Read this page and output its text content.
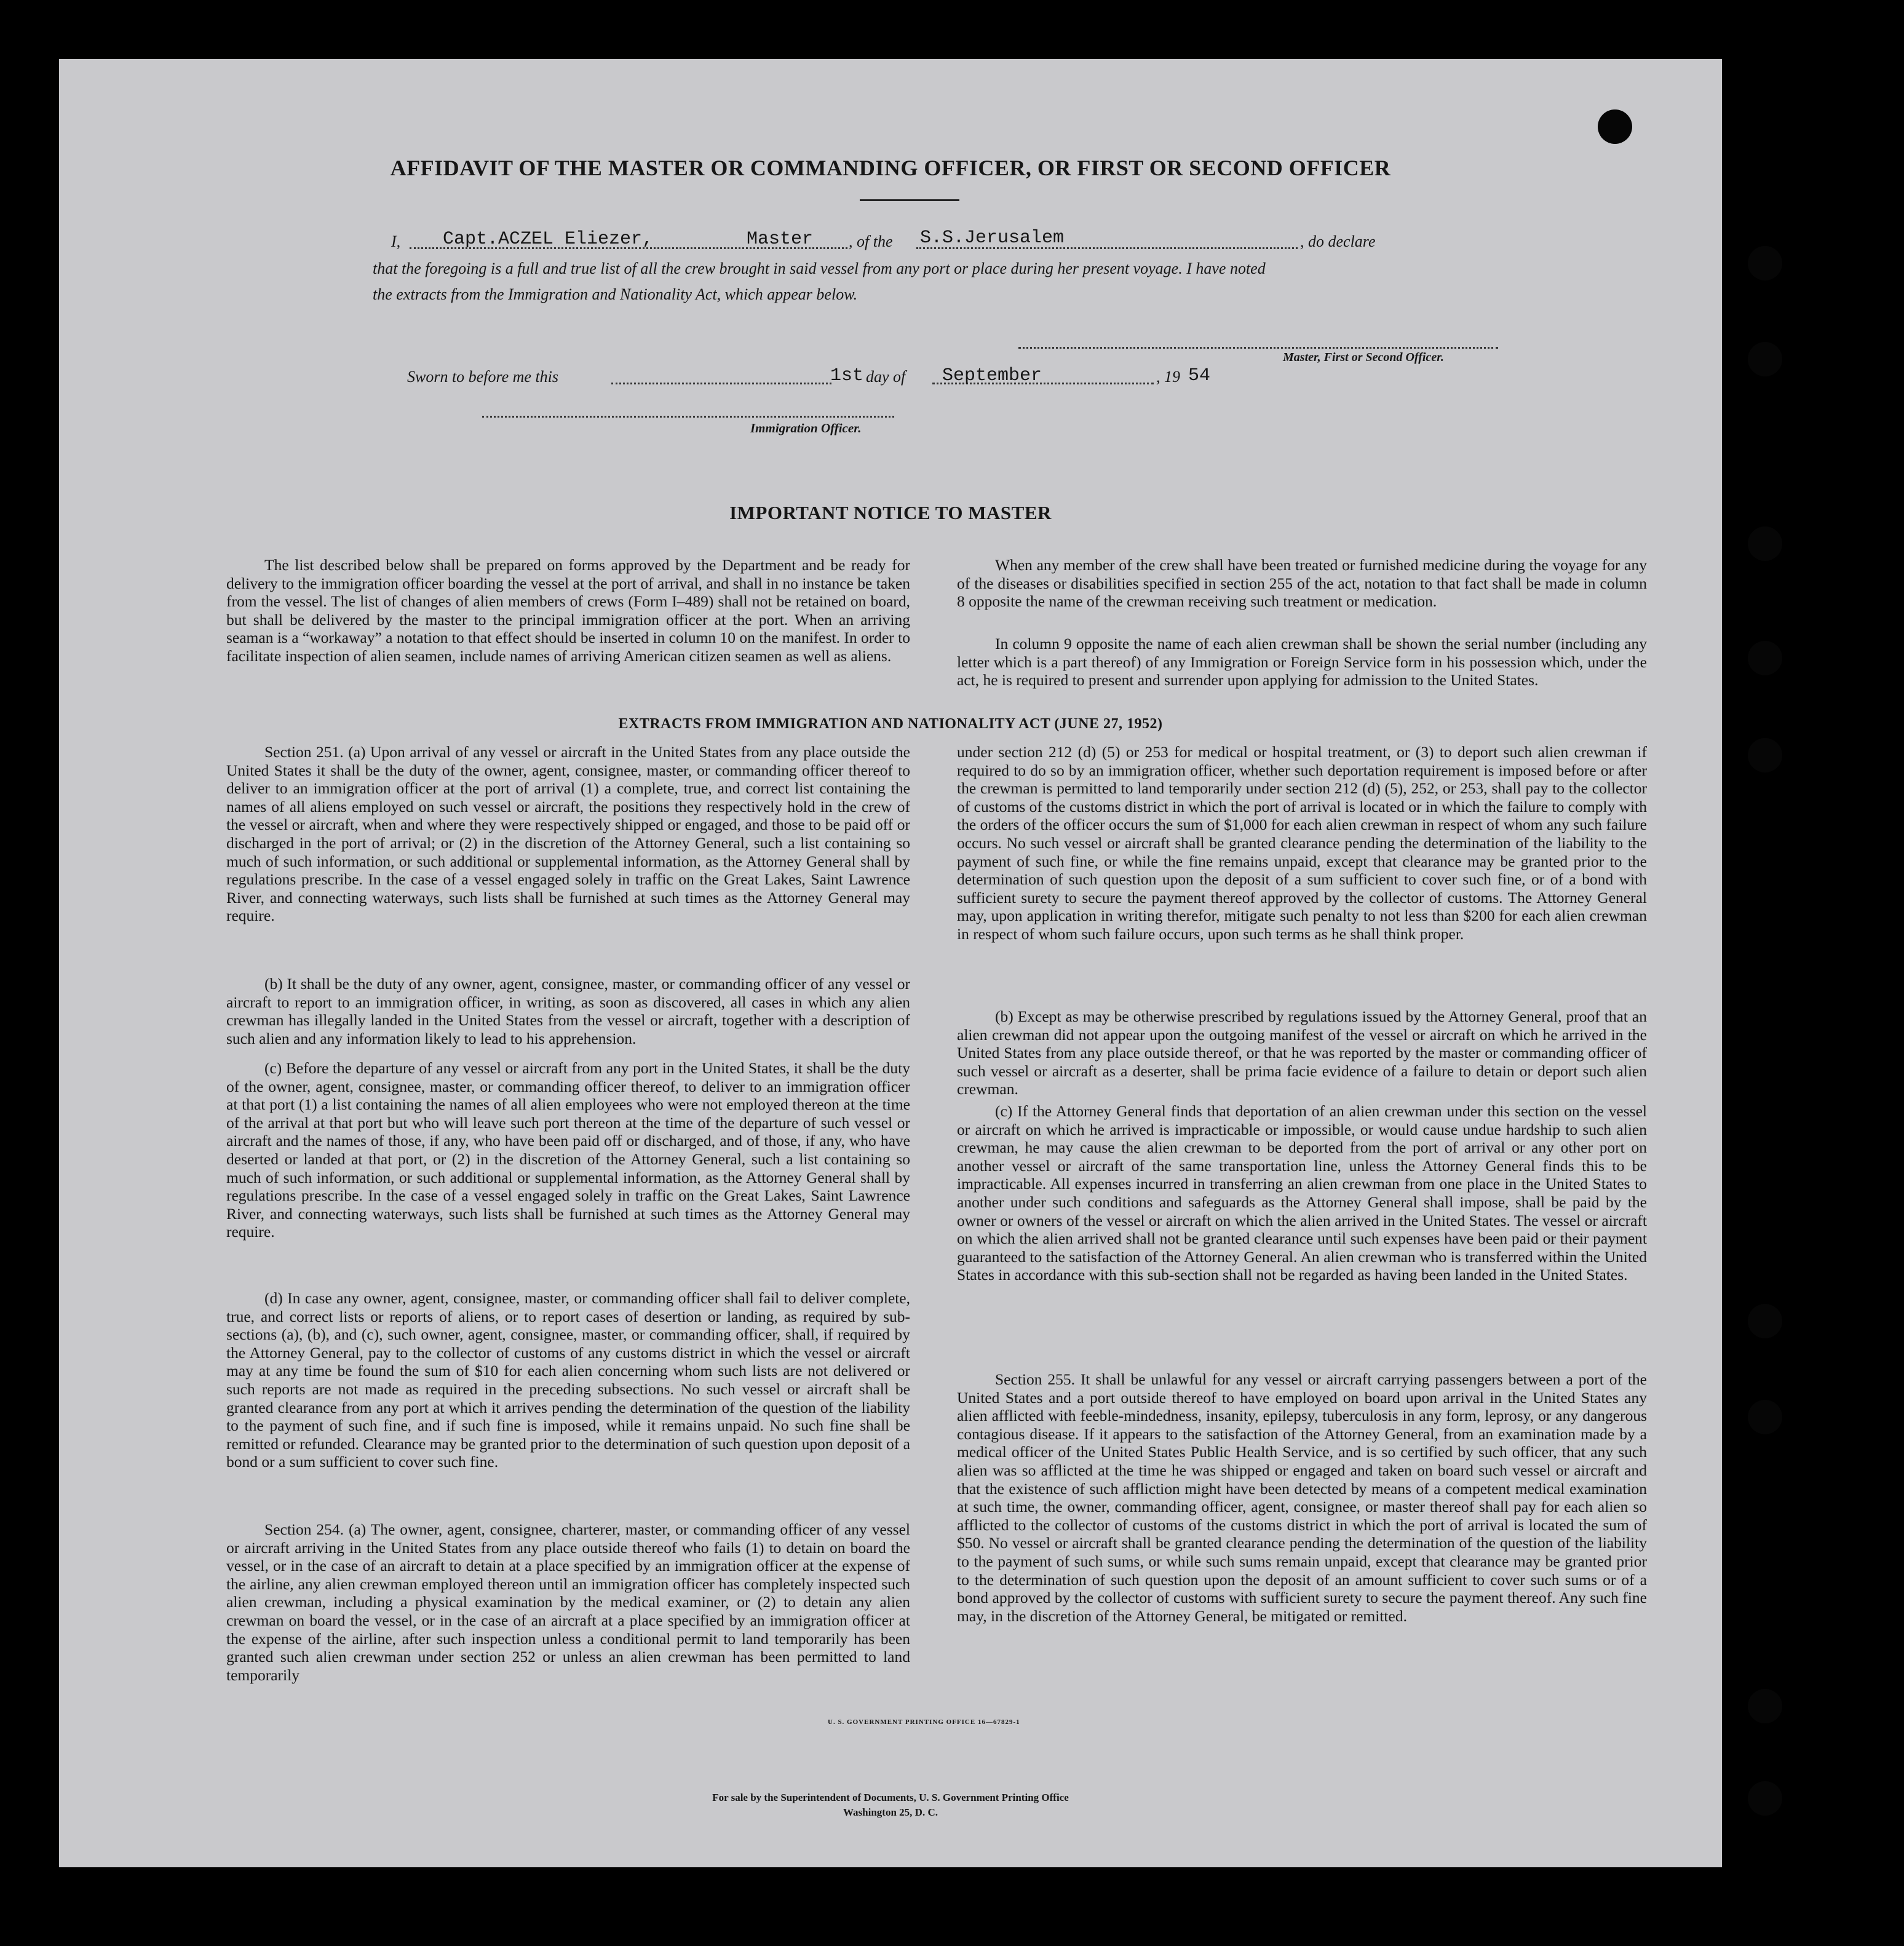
AFFIDAVIT OF THE MASTER OR COMMANDING OFFICER, OR FIRST OR SECOND OFFICER
I, Capt.ACZEL Eliezer,	Master , of the S.S.Jerusalem	, do declare
that the foregoing is a full and true list of all the crew brought in said vessel from any port or place during her present voyage. I have noted
the extracts from the Immigration and Nationality Act, which appear below.
Master, First or Second Officer.
Sworn to before me this	1st day of September	, 19 54
Immigration Officer.
IMPORTANT NOTICE TO MASTER

The list described below shall be prepared on forms approved by the Department and be ready for delivery to the immigration officer boarding the vessel at the port of arrival, and shall in no instance be taken from the vessel. The list of changes of alien members of crews (Form I–489) shall not be retained on board, but shall be delivered by the master to the principal immigration officer at the port. When an arriving seaman is a “workaway” a notation to that effect should be inserted in column 10 on the manifest. In order to facilitate inspection of alien seamen, include names of arriving American citizen seamen as well as aliens.

When any member of the crew shall have been treated or furnished medicine during the voyage for any of the diseases or disabilities specified in section 255 of the act, notation to that fact shall be made in column 8 opposite the name of the crewman receiving such treatment or medication.

In column 9 opposite the name of each alien crewman shall be shown the serial number (including any letter which is a part thereof) of any Immigration or Foreign Service form in his possession which, under the act, he is required to present and surrender upon applying for admission to the United States.

EXTRACTS FROM IMMIGRATION AND NATIONALITY ACT (JUNE 27, 1952)

Section 251. (a) Upon arrival of any vessel or aircraft in the United States from any place outside the United States it shall be the duty of the owner, agent, consignee, master, or commanding officer thereof to deliver to an immigration officer at the port of arrival (1) a complete, true, and correct list containing the names of all aliens employed on such vessel or aircraft, the positions they respectively hold in the crew of the vessel or aircraft, when and where they were respectively shipped or engaged, and those to be paid off or discharged in the port of arrival; or (2) in the discretion of the Attorney General, such a list containing so much of such information, or such additional or supplemental information, as the Attorney General shall by regulations prescribe. In the case of a vessel engaged solely in traffic on the Great Lakes, Saint Lawrence River, and connecting waterways, such lists shall be furnished at such times as the Attorney General may require.

(b) It shall be the duty of any owner, agent, consignee, master, or commanding officer of any vessel or aircraft to report to an immigration officer, in writing, as soon as discovered, all cases in which any alien crewman has illegally landed in the United States from the vessel or aircraft, together with a description of such alien and any information likely to lead to his apprehension.

(c) Before the departure of any vessel or aircraft from any port in the United States, it shall be the duty of the owner, agent, consignee, master, or commanding officer thereof, to deliver to an immigration officer at that port (1) a list containing the names of all alien employees who were not employed thereon at the time of the arrival at that port but who will leave such port thereon at the time of the departure of such vessel or aircraft and the names of those, if any, who have been paid off or discharged, and of those, if any, who have deserted or landed at that port, or (2) in the discretion of the Attorney General, such a list containing so much of such information, or such additional or supplemental information, as the Attorney General shall by regulations prescribe. In the case of a vessel engaged solely in traffic on the Great Lakes, Saint Lawrence River, and connecting waterways, such lists shall be furnished at such times as the Attorney General may require.

(d) In case any owner, agent, consignee, master, or commanding officer shall fail to deliver complete, true, and correct lists or reports of aliens, or to report cases of desertion or landing, as required by sub-sections (a), (b), and (c), such owner, agent, consignee, master, or commanding officer, shall, if required by the Attorney General, pay to the collector of customs of any customs district in which the vessel or aircraft may at any time be found the sum of $10 for each alien concerning whom such lists are not delivered or such reports are not made as required in the preceding subsections. No such vessel or aircraft shall be granted clearance from any port at which it arrives pending the determination of the question of the liability to the payment of such fine, and if such fine is imposed, while it remains unpaid. No such fine shall be remitted or refunded. Clearance may be granted prior to the determination of such question upon deposit of a bond or a sum sufficient to cover such fine.

Section 254. (a) The owner, agent, consignee, charterer, master, or commanding officer of any vessel or aircraft arriving in the United States from any place outside thereof who fails (1) to detain on board the vessel, or in the case of an aircraft to detain at a place specified by an immigration officer at the expense of the airline, any alien crewman employed thereon until an immigration officer has completely inspected such alien crewman, including a physical examination by the medical examiner, or (2) to detain any alien crewman on board the vessel, or in the case of an aircraft at a place specified by an immigration officer at the expense of the airline, after such inspection unless a conditional permit to land temporarily has been granted such alien crewman under section 252 or unless an alien crewman has been permitted to land temporarily

under section 212 (d) (5) or 253 for medical or hospital treatment, or (3) to deport such alien crewman if required to do so by an immigration officer, whether such deportation requirement is imposed before or after the crewman is permitted to land temporarily under section 212 (d) (5), 252, or 253, shall pay to the collector of customs of the customs district in which the port of arrival is located or in which the failure to comply with the orders of the officer occurs the sum of $1,000 for each alien crewman in respect of whom any such failure occurs. No such vessel or aircraft shall be granted clearance pending the determination of the liability to the payment of such fine, or while the fine remains unpaid, except that clearance may be granted prior to the determination of such question upon the deposit of a sum sufficient to cover such fine, or of a bond with sufficient surety to secure the payment thereof approved by the collector of customs. The Attorney General may, upon application in writing therefor, mitigate such penalty to not less than $200 for each alien crewman in respect of whom such failure occurs, upon such terms as he shall think proper.

(b) Except as may be otherwise prescribed by regulations issued by the Attorney General, proof that an alien crewman did not appear upon the outgoing manifest of the vessel or aircraft on which he arrived in the United States from any place outside thereof, or that he was reported by the master or commanding officer of such vessel or aircraft as a deserter, shall be prima facie evidence of a failure to detain or deport such alien crewman.

(c) If the Attorney General finds that deportation of an alien crewman under this section on the vessel or aircraft on which he arrived is impracticable or impossible, or would cause undue hardship to such alien crewman, he may cause the alien crewman to be deported from the port of arrival or any other port on another vessel or aircraft of the same transportation line, unless the Attorney General finds this to be impracticable. All expenses incurred in transferring an alien crewman from one place in the United States to another under such conditions and safeguards as the Attorney General shall impose, shall be paid by the owner or owners of the vessel or aircraft on which the alien arrived in the United States. The vessel or aircraft on which the alien arrived shall not be granted clearance until such expenses have been paid or their payment guaranteed to the satisfaction of the Attorney General. An alien crewman who is transferred within the United States in accordance with this sub-section shall not be regarded as having been landed in the United States.

Section 255. It shall be unlawful for any vessel or aircraft carrying passengers between a port of the United States and a port outside thereof to have employed on board upon arrival in the United States any alien afflicted with feeble-mindedness, insanity, epilepsy, tuberculosis in any form, leprosy, or any dangerous contagious disease. If it appears to the satisfaction of the Attorney General, from an examination made by a medical officer of the United States Public Health Service, and is so certified by such officer, that any such alien was so afflicted at the time he was shipped or engaged and taken on board such vessel or aircraft and that the existence of such affliction might have been detected by means of a competent medical examination at such time, the owner, commanding officer, agent, consignee, or master thereof shall pay for each alien so afflicted to the collector of customs of the customs district in which the port of arrival is located the sum of $50. No vessel or aircraft shall be granted clearance pending the determination of the question of the liability to the payment of such sums, or while such sums remain unpaid, except that clearance may be granted prior to the determination of such question upon the deposit of an amount sufficient to cover such sums or of a bond approved by the collector of customs with sufficient surety to secure the payment thereof. Any such fine may, in the discretion of the Attorney General, be mitigated or remitted.

U. S. GOVERNMENT PRINTING OFFICE 16—67829-1
For sale by the Superintendent of Documents, U. S. Government Printing Office
Washington 25, D. C.
